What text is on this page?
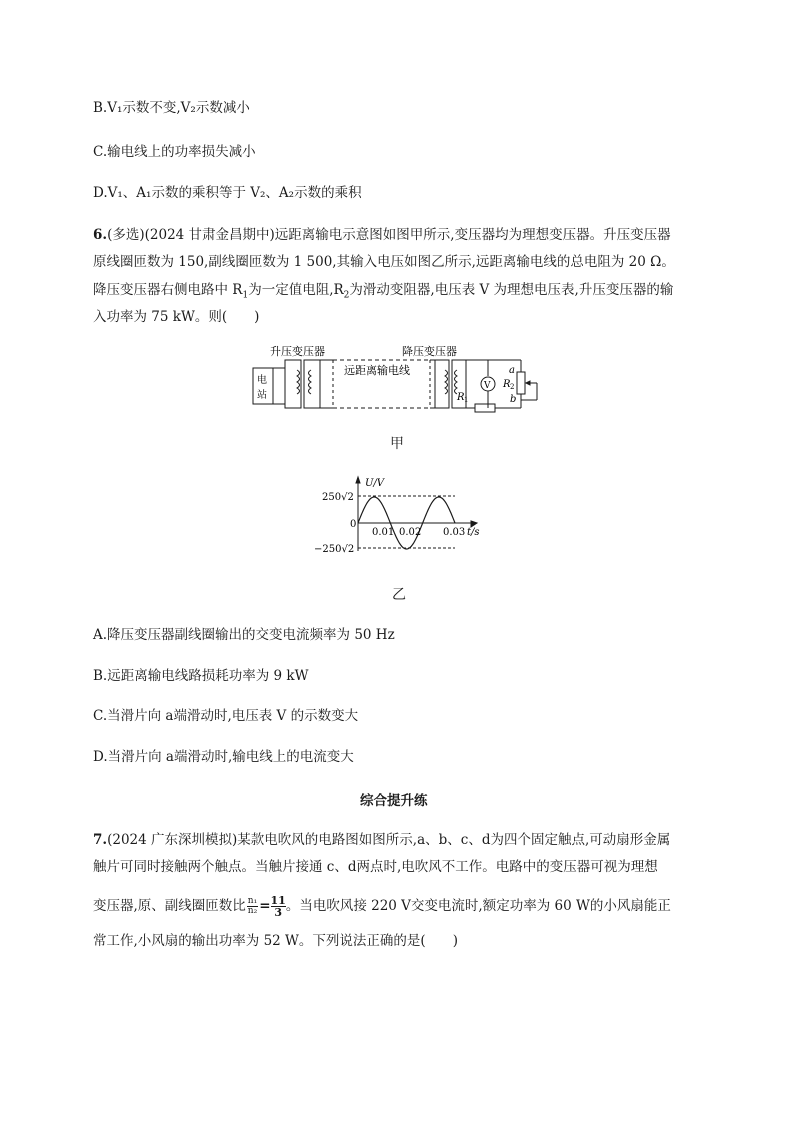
B.V₁示数不变,V₂示数减小
C.输电线上的功率损失减小
D.V₁、A₁示数的乘积等于 V₂、A₂示数的乘积
6.(多选)(2024 甘肃金昌期中)远距离输电示意图如图甲所示,变压器均为理想变压器。升压变压器
原线圈匝数为 150,副线圈匝数为 1 500,其输入电压如图乙所示,远距离输电线的总电阻为 20 Ω。
降压变压器右侧电路中 $R_1$为一定值电阻$,R_2$为滑动变阻器,电压表 V 为理想电压表,升压变压器的输
入功率为 75 kW。则(　　)
升压变压器	降压变压器
远距离输电线
电
站
V
R 1
R 2
a
b
甲
U/V
t/s
250√2
0
−250√2
0.01 0.02 0.03
乙
A.降压变压器副线圈输出的交变电流频率为 50 Hz
B.远距离输电线路损耗功率为 9 kW
C.当滑片向 a端滑动时,电压表 V 的示数变大
D.当滑片向 a端滑动时,输电线上的电流变大
综合提升练
7.(2024 广东深圳模拟)某款电吹风的电路图如图所示,a、b、c、d为四个固定触点,可动扇形金属
触片可同时接触两个触点。当触片接通 c、d两点时,电吹风不工作。电路中的变压器可视为理想
变压器,原、副线圈匝数比 $\frac{\text{n₁}}{\text{n₂}} = \frac{11}{3}$ 。当电吹风接 220 V交变电流时,额定功率为 60 W的小风扇能正
常工作,小风扇的输出功率为 52 W。下列说法正确的是(　　)
